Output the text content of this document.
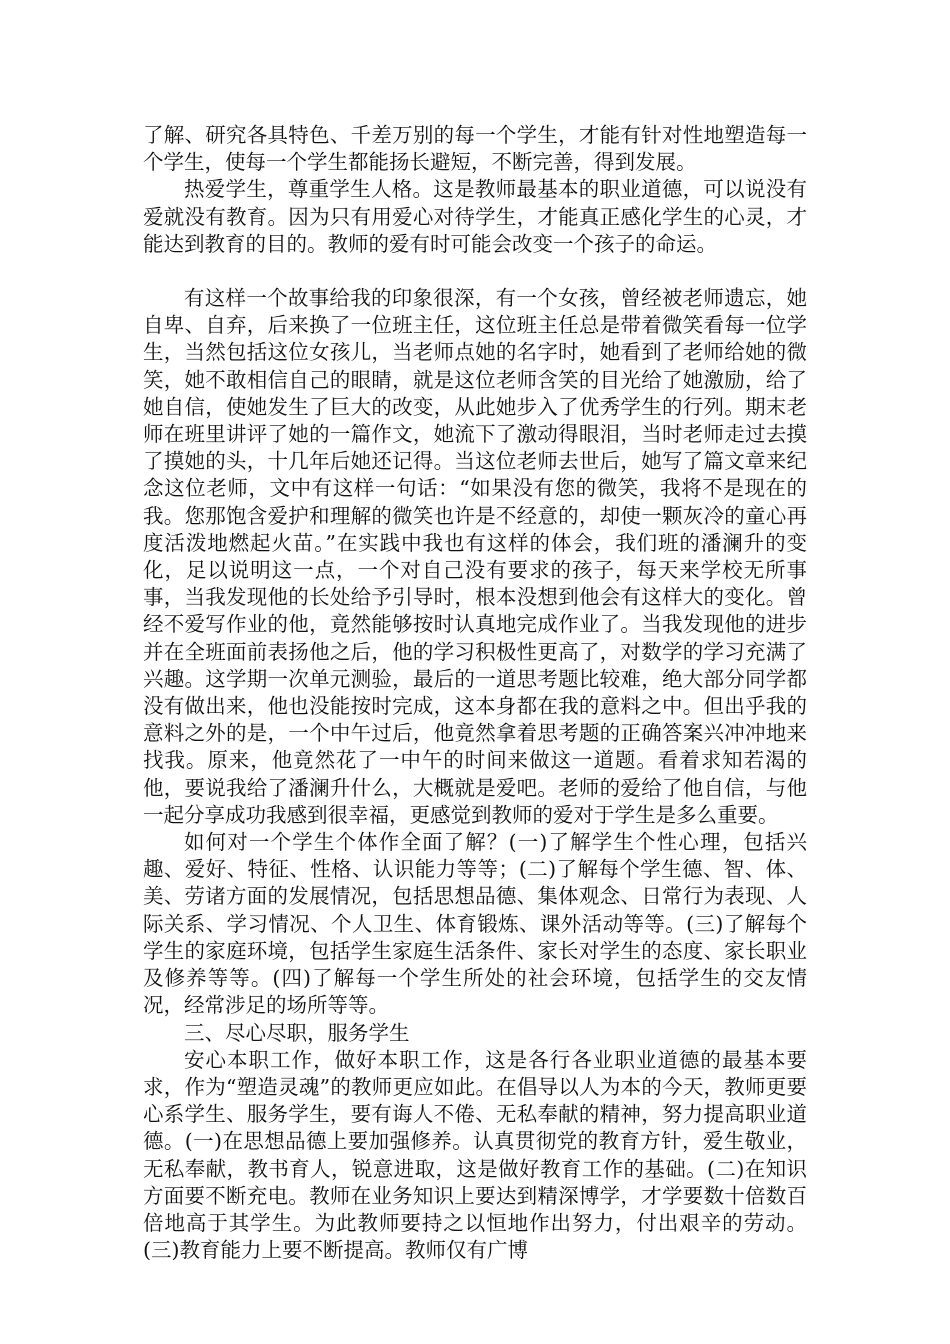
了解、研究各具特色、千差万别的每一个学生，才能有针对性地塑造每一个学生，使每一个学生都能扬长避短，不断完善，得到发展。

热爱学生，尊重学生人格。这是教师最基本的职业道德，可以说没有爱就没有教育。因为只有用爱心对待学生，才能真正感化学生的心灵，才能达到教育的目的。教师的爱有时可能会改变一个孩子的命运。

有这样一个故事给我的印象很深，有一个女孩，曾经被老师遗忘，她自卑、自弃，后来换了一位班主任，这位班主任总是带着微笑看每一位学生，当然包括这位女孩儿，当老师点她的名字时，她看到了老师给她的微笑，她不敢相信自己的眼睛，就是这位老师含笑的目光给了她激励，给了她自信，使她发生了巨大的改变，从此她步入了优秀学生的行列。期末老师在班里讲评了她的一篇作文，她流下了激动得眼泪，当时老师走过去摸了摸她的头，十几年后她还记得。当这位老师去世后，她写了篇文章来纪念这位老师，文中有这样一句话：“如果没有您的微笑，我将不是现在的我。您那饱含爱护和理解的微笑也许是不经意的，却使一颗灰冷的童心再度活泼地燃起火苗。”在实践中我也有这样的体会，我们班的潘澜升的变化，足以说明这一点，一个对自己没有要求的孩子，每天来学校无所事事，当我发现他的长处给予引导时，根本没想到他会有这样大的变化。曾经不爱写作业的他，竟然能够按时认真地完成作业了。当我发现他的进步并在全班面前表扬他之后，他的学习积极性更高了，对数学的学习充满了兴趣。这学期一次单元测验，最后的一道思考题比较难，绝大部分同学都没有做出来，他也没能按时完成，这本身都在我的意料之中。但出乎我的意料之外的是，一个中午过后，他竟然拿着思考题的正确答案兴冲冲地来找我。原来，他竟然花了一中午的时间来做这一道题。看着求知若渴的他，要说我给了潘澜升什么，大概就是爱吧。老师的爱给了他自信，与他一起分享成功我感到很幸福，更感觉到教师的爱对于学生是多么重要。

如何对一个学生个体作全面了解？(一)了解学生个性心理，包括兴趣、爱好、特征、性格、认识能力等等；(二)了解每个学生德、智、体、美、劳诸方面的发展情况，包括思想品德、集体观念、日常行为表现、人际关系、学习情况、个人卫生、体育锻炼、课外活动等等。(三)了解每个学生的家庭环境，包括学生家庭生活条件、家长对学生的态度、家长职业及修养等等。(四)了解每一个学生所处的社会环境，包括学生的交友情况，经常涉足的场所等等。

三、尽心尽职，服务学生

安心本职工作，做好本职工作，这是各行各业职业道德的最基本要求，作为“塑造灵魂”的教师更应如此。在倡导以人为本的今天，教师更要心系学生、服务学生，要有诲人不倦、无私奉献的精神，努力提高职业道德。(一)在思想品德上要加强修养。认真贯彻党的教育方针，爱生敬业，无私奉献，教书育人，锐意进取，这是做好教育工作的基础。(二)在知识方面要不断充电。教师在业务知识上要达到精深博学，才学要数十倍数百倍地高于其学生。为此教师要持之以恒地作出努力，付出艰辛的劳动。(三)教育能力上要不断提高。教师仅有广博
